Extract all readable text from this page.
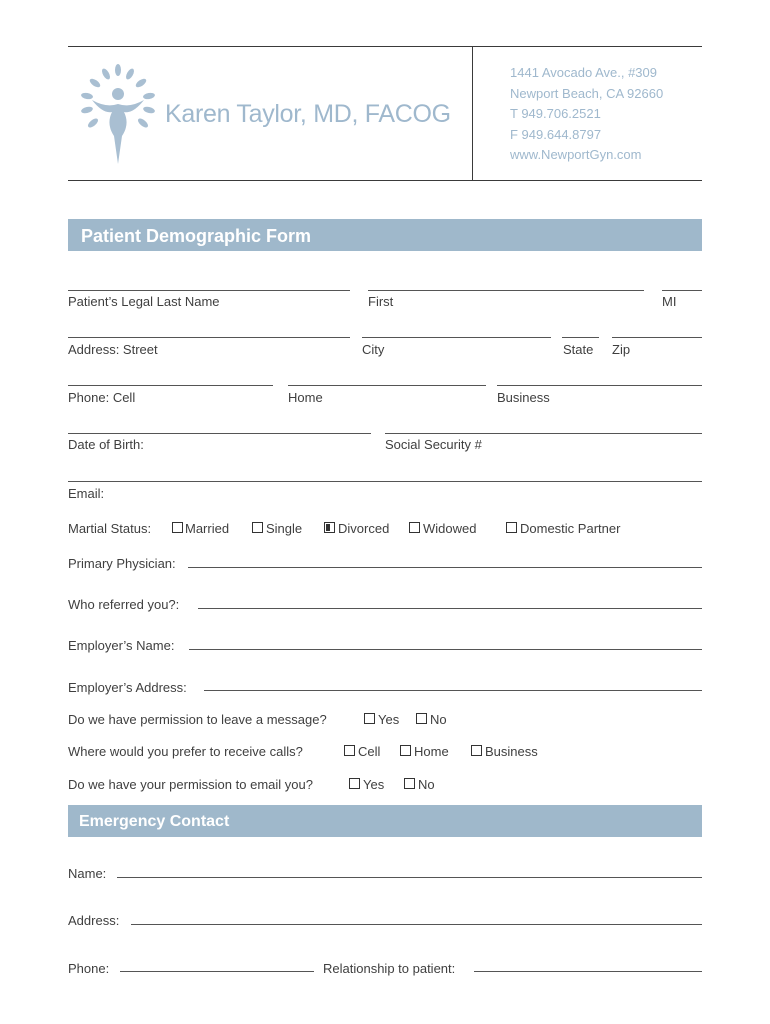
Karen Taylor, MD, FACOG
1441 Avocado Ave., #309
Newport Beach, CA 92660
T 949.706.2521
F 949.644.8797
www.NewportGyn.com
Patient Demographic Form
Patient’s Legal Last Name	First	MI
Address: Street	City	State Zip
Phone: Cell	Home	Business
Date of Birth:	Social Security #
Email:
Martial Status:	Married	Single	Divorced	Widowed	Domestic Partner
Primary Physician:
Who referred you?:
Employer’s Name:
Employer’s Address:
Do we have permission to leave a message?	Yes No
Where would you prefer to receive calls?	Cell	Home	Business
Do we have your permission to email you?	Yes	No
Emergency Contact
Name:
Address:
Phone:	Relationship to patient:
